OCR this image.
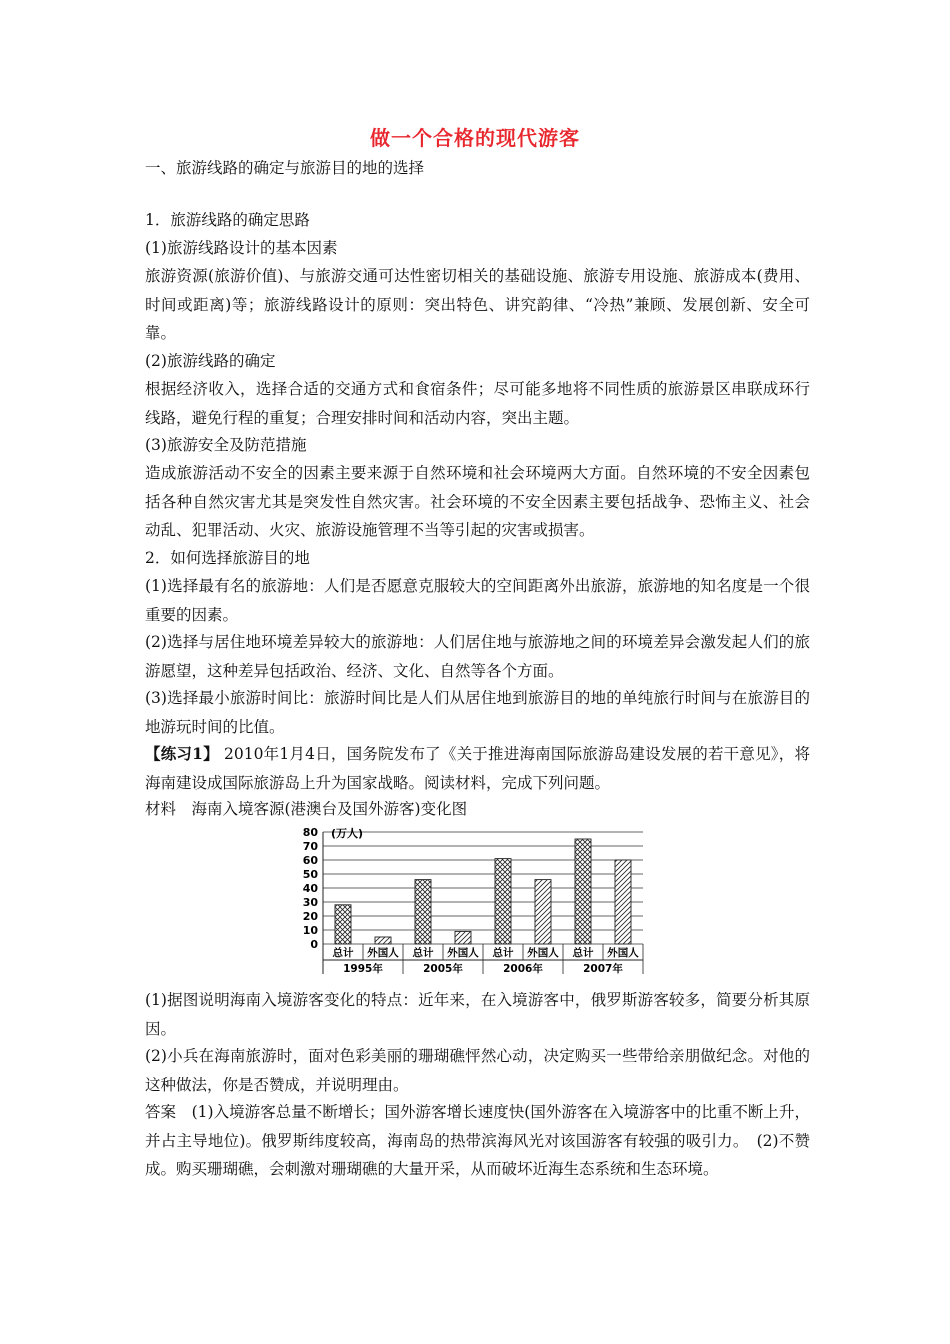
做一个合格的现代游客
一、旅游线路的确定与旅游目的地的选择
1．旅游线路的确定思路
(1)旅游线路设计的基本因素
旅游资源(旅游价值)、与旅游交通可达性密切相关的基础设施、旅游专用设施、旅游成本(费用、时间或距离)等；旅游线路设计的原则：突出特色、讲究韵律、“冷热”兼顾、发展创新、安全可靠。
(2)旅游线路的确定
根据经济收入，选择合适的交通方式和食宿条件；尽可能多地将不同性质的旅游景区串联成环行线路，避免行程的重复；合理安排时间和活动内容，突出主题。
(3)旅游安全及防范措施
造成旅游活动不安全的因素主要来源于自然环境和社会环境两大方面。自然环境的不安全因素包括各种自然灾害尤其是突发性自然灾害。社会环境的不安全因素主要包括战争、恐怖主义、社会动乱、犯罪活动、火灾、旅游设施管理不当等引起的灾害或损害。
2．如何选择旅游目的地
(1)选择最有名的旅游地：人们是否愿意克服较大的空间距离外出旅游，旅游地的知名度是一个很重要的因素。
(2)选择与居住地环境差异较大的旅游地：人们居住地与旅游地之间的环境差异会激发起人们的旅游愿望，这种差异包括政治、经济、文化、自然等各个方面。
(3)选择最小旅游时间比：旅游时间比是人们从居住地到旅游目的地的单纯旅行时间与在旅游目的地游玩时间的比值。
【练习1】 2010年1月4日，国务院发布了《关于推进海南国际旅游岛建设发展的若干意见》，将海南建设成国际旅游岛上升为国家战略。阅读材料，完成下列问题。
材料　海南入境客源(港澳台及国外游客)变化图
0
10
20
30
40
50
60
70
80 (万人)
总计 外国人
1995年
总计 外国人
2005年
总计 外国人
2006年
总计 外国人
2007年
(1)据图说明海南入境游客变化的特点：近年来，在入境游客中，俄罗斯游客较多，简要分析其原因。
(2)小兵在海南旅游时，面对色彩美丽的珊瑚礁怦然心动，决定购买一些带给亲朋做纪念。对他的这种做法，你是否赞成，并说明理由。
答案　(1)入境游客总量不断增长；国外游客增长速度快(国外游客在入境游客中的比重不断上升，并占主导地位)。俄罗斯纬度较高，海南岛的热带滨海风光对该国游客有较强的吸引力。　(2)不赞成。购买珊瑚礁，会刺激对珊瑚礁的大量开采，从而破坏近海生态系统和生态环境。
